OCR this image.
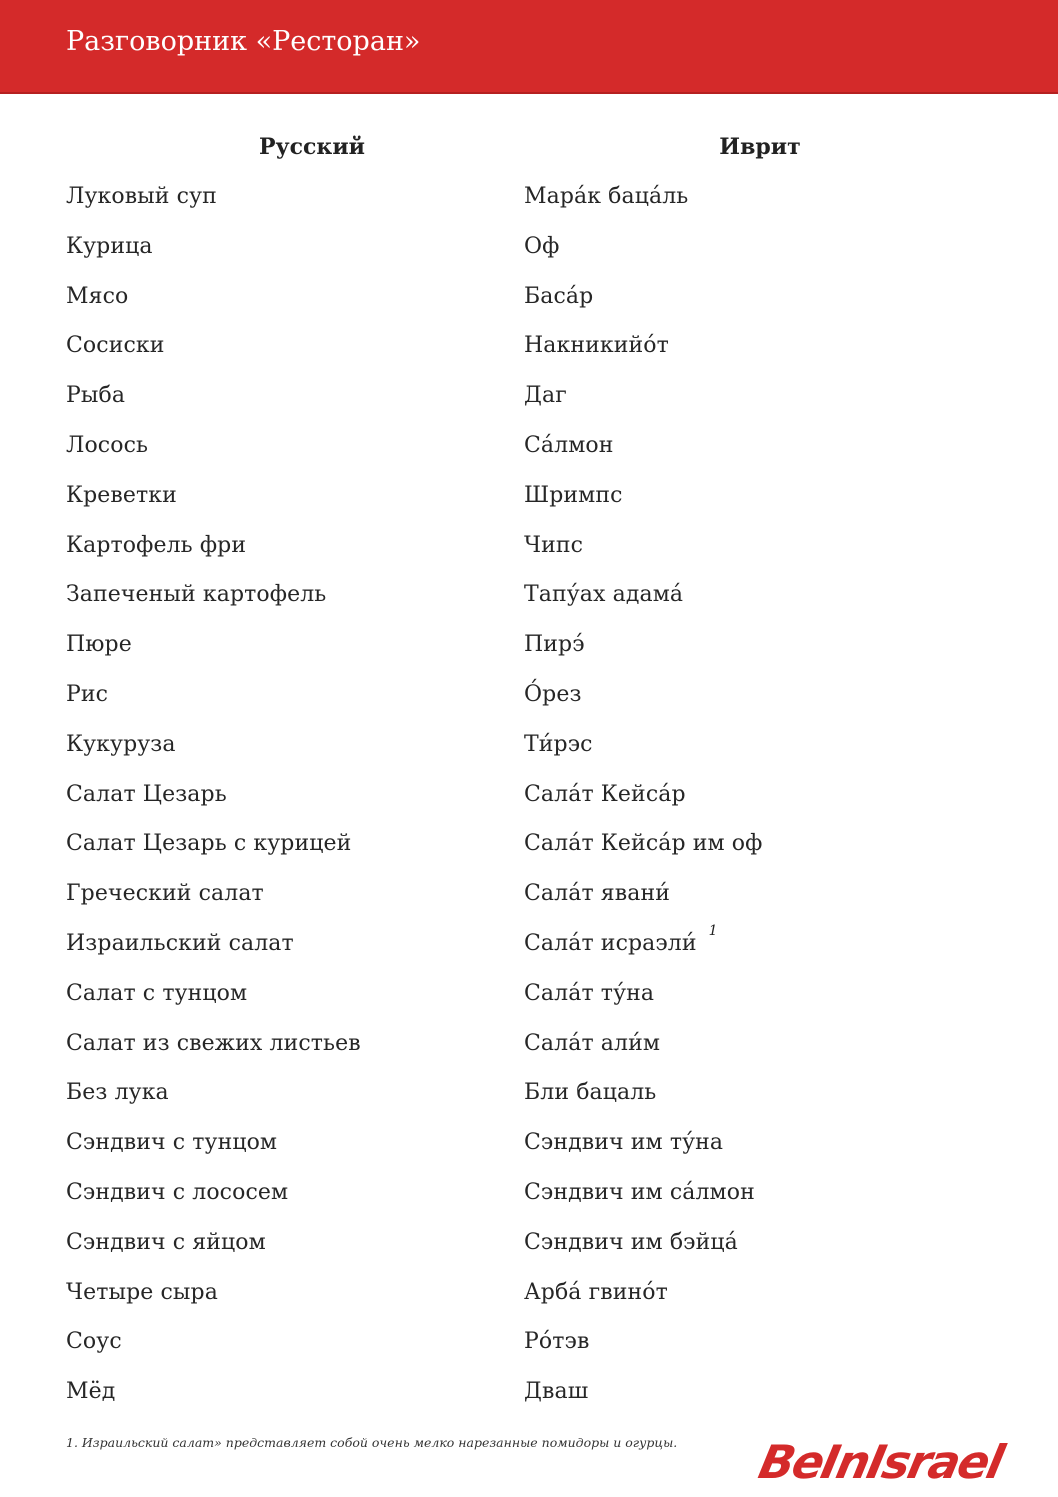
Разговорник «Ресторан»
Русский	Иврит
Луковый суп	Мара́к баца́ль
Курица	Оф
Мясо	Баса́р
Сосиски	Накникийо́т
Рыба	Даг
Лосось	Са́лмон
Креветки	Шримпс
Картофель фри	Чипс
Запеченый картофель	Тапу́ах адама́
Пюре	Пирэ́
Рис	О́рез
Кукуруза	Ти́рэс
Салат Цезарь	Сала́т Кейса́р
Салат Цезарь с курицей	Сала́т Кейса́р им оф
Греческий салат	Сала́т явани́
Израильский салат	Сала́т исраэли́ 1
Салат с тунцом	Сала́т ту́на
Салат из свежих листьев	Сала́т али́м
Без лука	Бли бацаль
Сэндвич с тунцом	Сэндвич им ту́на
Сэндвич с лососем	Сэндвич им са́лмон
Сэндвич с яйцом	Сэндвич им бэйца́
Четыре сыра	Арба́ гвино́т
Соус	Ро́тэв
Мёд	Дваш
1. Израильский салат» представляет собой очень мелко нарезанные помидоры и огурцы. BeInIsrael
